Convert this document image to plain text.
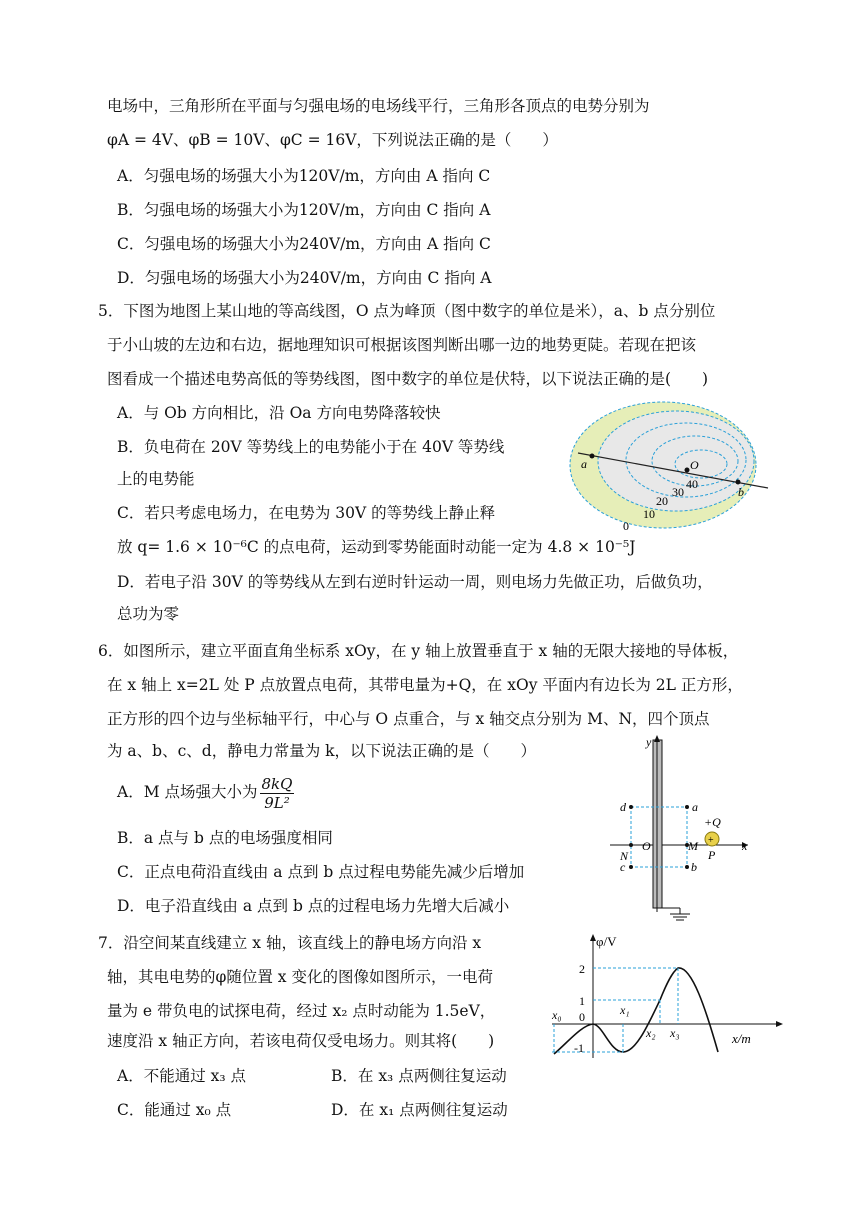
电场中，三角形所在平面与匀强电场的电场线平行，三角形各顶点的电势分别为
φA = 4V、φB = 10V、φC = 16V，下列说法正确的是（　　）
A．匀强电场的场强大小为120V/m，方向由 A 指向 C
B．匀强电场的场强大小为120V/m，方向由 C 指向 A
C．匀强电场的场强大小为240V/m，方向由 A 指向 C
D．匀强电场的场强大小为240V/m，方向由 C 指向 A
5．下图为地图上某山地的等高线图，O 点为峰顶（图中数字的单位是米），a、b 点分别位
于小山坡的左边和右边，据地理知识可根据该图判断出哪一边的地势更陡。若现在把该
图看成一个描述电势高低的等势线图，图中数字的单位是伏特，以下说法正确的是(　　)
A．与 Ob 方向相比，沿 Oa 方向电势降落较快
B．负电荷在 20V 等势线上的电势能小于在 40V 等势线
上的电势能
C．若只考虑电场力，在电势为 30V 的等势线上静止释
放 q= 1.6 × 10⁻⁶C 的点电荷，运动到零势能面时动能一定为 4.8 × 10⁻⁵J
D．若电子沿 30V 的等势线从左到右逆时针运动一周，则电场力先做正功，后做负功，
总功为零
a	O
40
30
20
10
0
b
6．如图所示，建立平面直角坐标系 xOy，在 y 轴上放置垂直于 x 轴的无限大接地的导体板，
在 x 轴上 x=2L 处 P 点放置点电荷，其带电量为+Q，在 xOy 平面内有边长为 2L 正方形，
正方形的四个边与坐标轴平行，中心与 O 点重合，与 x 轴交点分别为 M、N，四个顶点
为 a、b、c、d，静电力常量为 k，以下说法正确的是（　　）
A．M 点场强大小为 $\frac{8kQ}{\text{9L²}}$
B．a 点与 b 点的电场强度相同
C．正点电荷沿直线由 a 点到 b 点过程电势能先减少后增加
D．电子沿直线由 a 点到 b 点的过程电场力先增大后减小
+
y
d	a
+Q
N
O	M
P
x
c	b
7．沿空间某直线建立 x 轴，该直线上的静电场方向沿 x
轴，其电电势的φ随位置 x 变化的图像如图所示，一电荷
量为 e 带负电的试探电荷，经过 x₂ 点时动能为 1.5eV，
速度沿 x 轴正方向，若该电荷仅受电场力。则其将(　　)
A．不能通过 x₃ 点	B．在 x₃ 点两侧往复运动
C．能通过 x₀ 点	D．在 x₁ 点两侧往复运动
φ/V
x/m
2
1
0
-1
x₀	x₁
x₂ x₃
